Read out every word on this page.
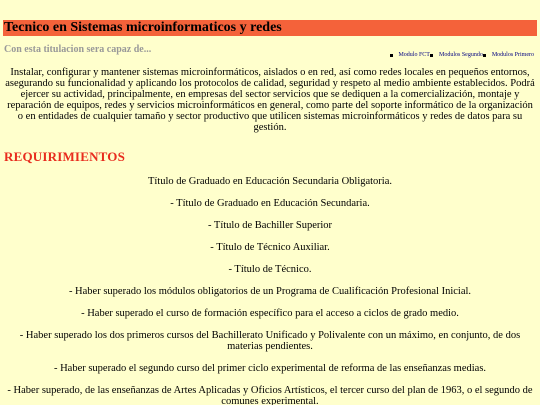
Tecnico en Sistemas microinformaticos y redes
Con esta titulacion sera capaz de...	Modulo FCT Modulos Segundo Modulos Primero

Instalar, configurar y mantener sistemas microinformáticos, aislados o en red, así como redes locales en pequeños entornos, asegurando su funcionalidad y aplicando los protocolos de calidad, seguridad y respeto al medio ambiente establecidos. Podrá ejercer su actividad, principalmente, en empresas del sector servicios que se dediquen a la comercialización, montaje y reparación de equipos, redes y servicios microinformáticos en general, como parte del soporte informático de la organización o en entidades de cualquier tamaño y sector productivo que utilicen sistemas microinformáticos y redes de datos para su gestión.

REQUIRIMIENTOS
Título de Graduado en Educación Secundaria Obligatoria.
- Título de Graduado en Educación Secundaria.
- Título de Bachiller Superior
- Título de Técnico Auxiliar.
- Título de Técnico.
- Haber superado los módulos obligatorios de un Programa de Cualificación Profesional Inicial.
- Haber superado el curso de formación específico para el acceso a ciclos de grado medio.
- Haber superado los dos primeros cursos del Bachillerato Unificado y Polivalente con un máximo, en conjunto, de dos materias pendientes.
- Haber superado el segundo curso del primer ciclo experimental de reforma de las enseñanzas medias.
- Haber superado, de las enseñanzas de Artes Aplicadas y Oficios Artísticos, el tercer curso del plan de 1963, o el segundo de comunes experimental.
